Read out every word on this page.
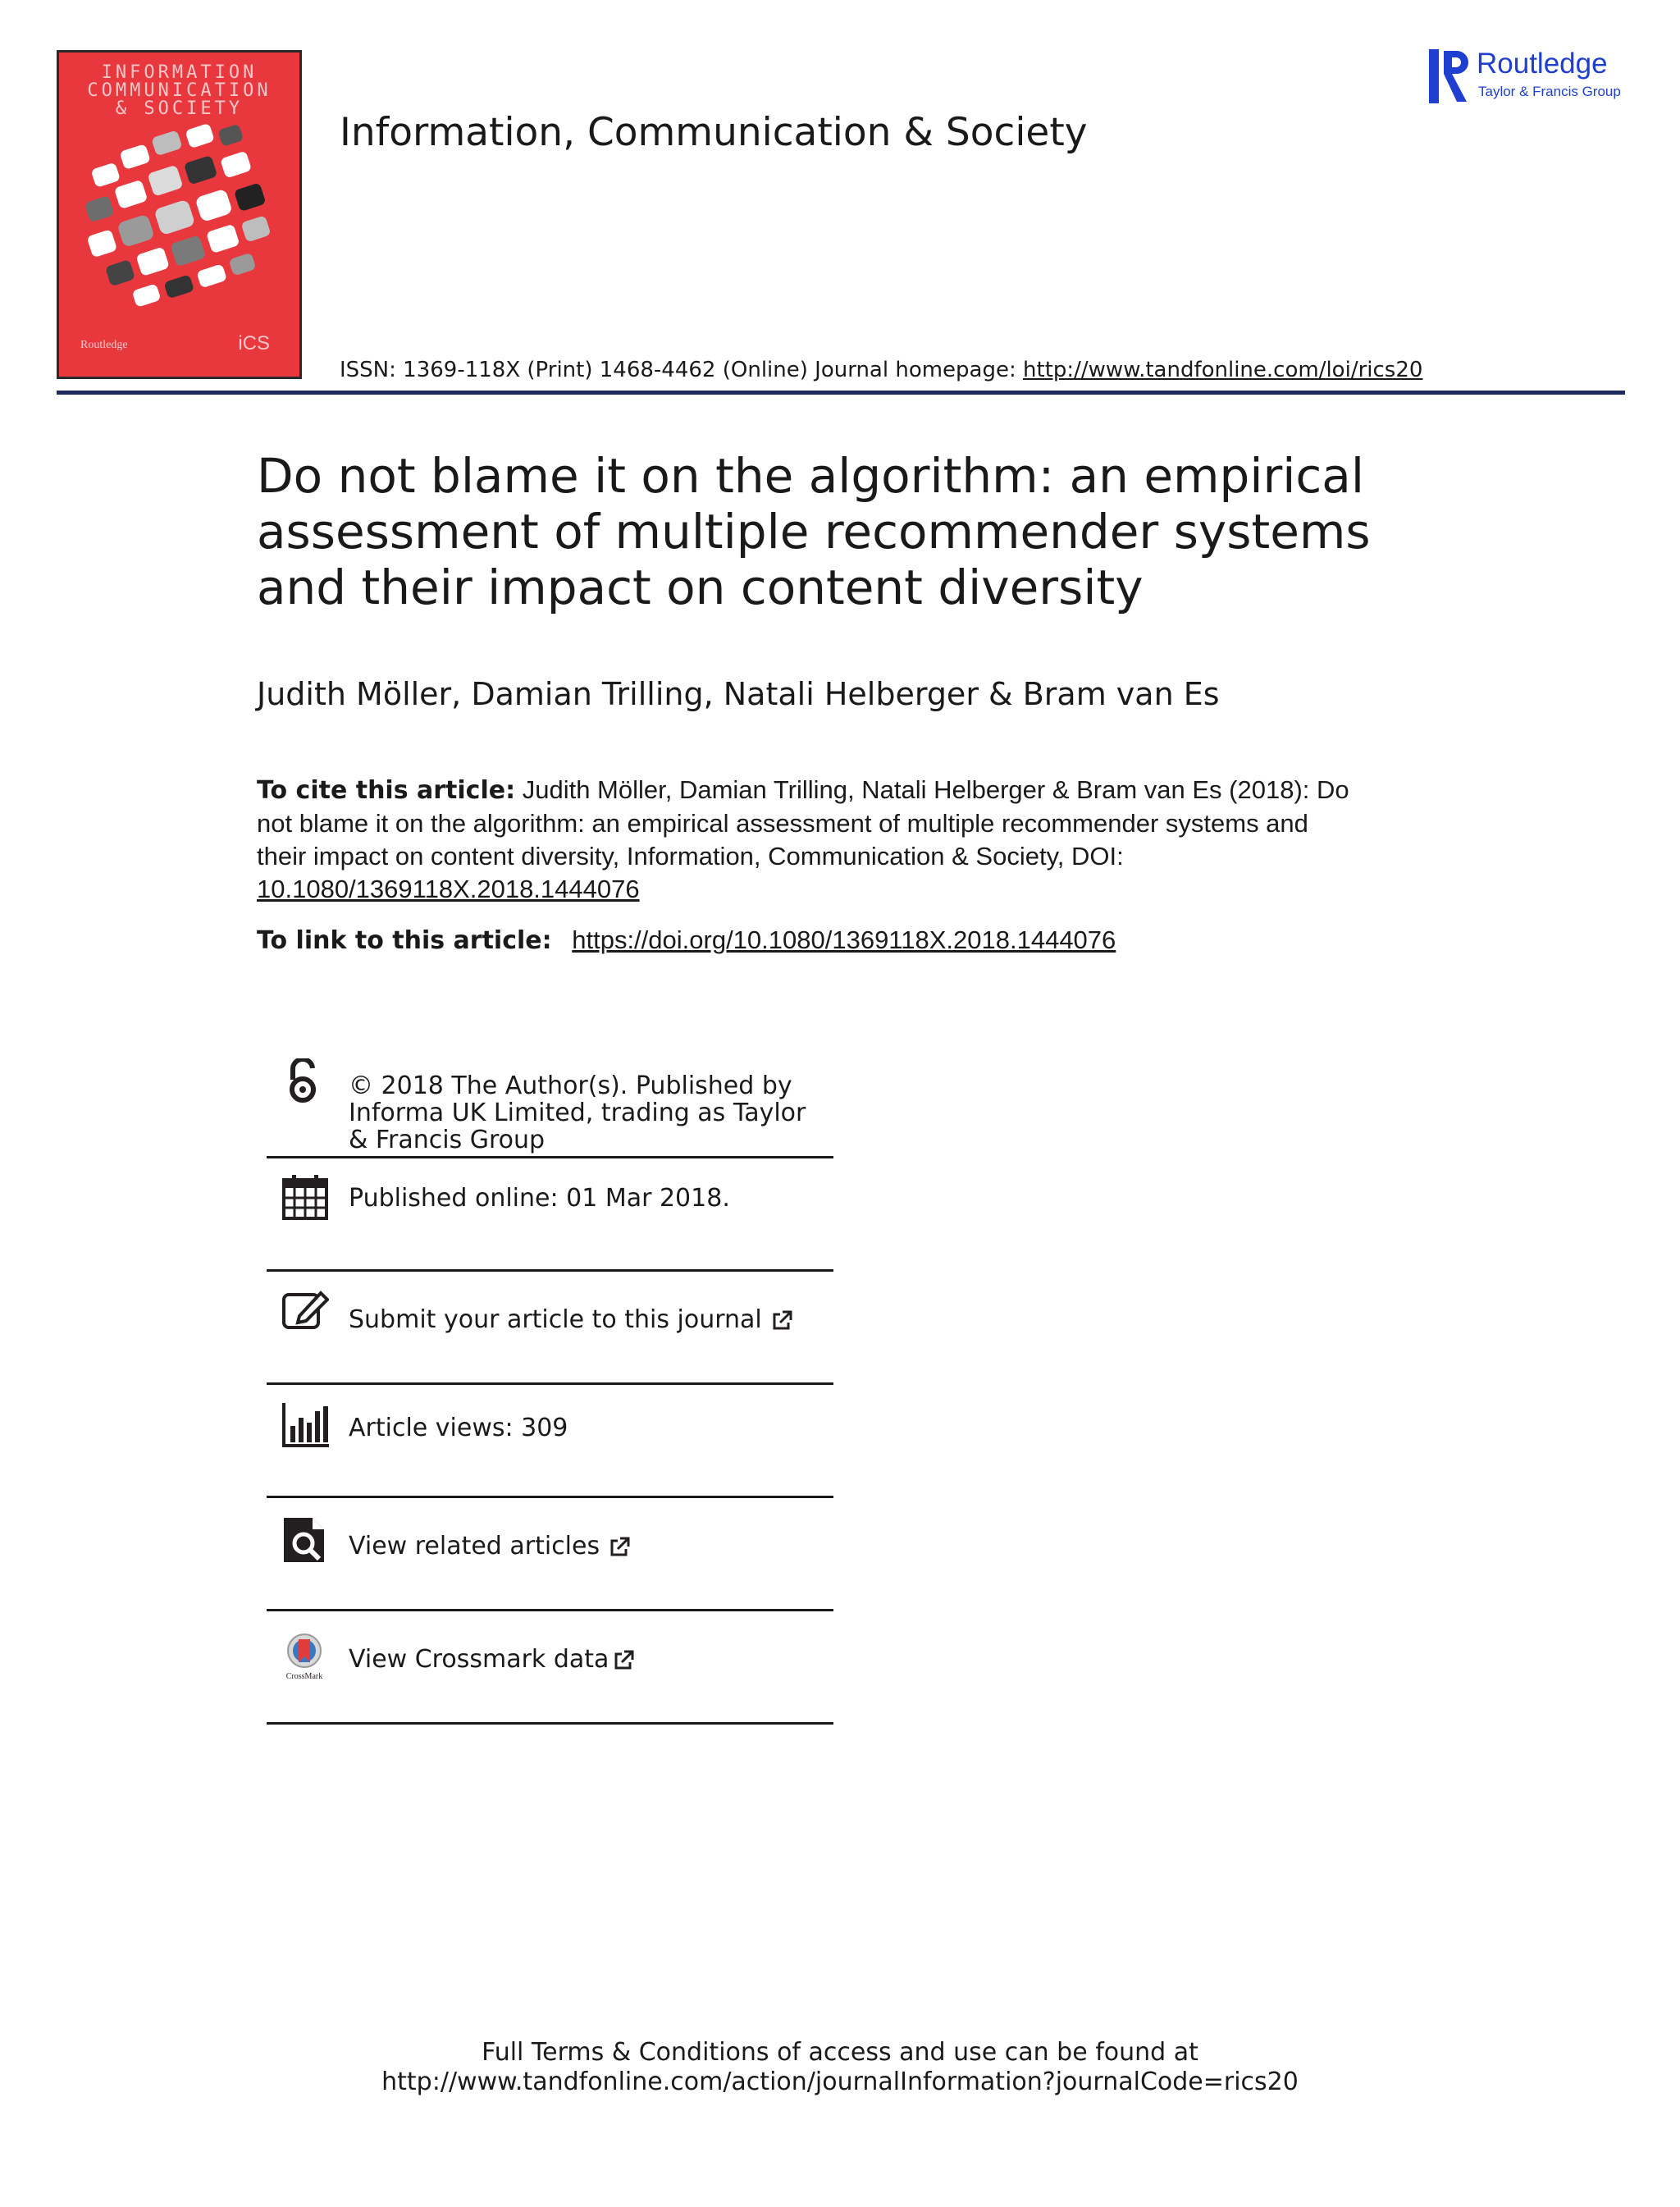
INFORMATION
COMMUNICATION
& SOCIETY
Routledge	iCS
Information, Communication & Society
ISSN: 1369-118X (Print) 1468-4462 (Online) Journal homepage: http://www.tandfonline.com/loi/rics20
Routledge
Taylor & Francis Group
Do not blame it on the algorithm: an empirical assessment of multiple recommender systems and their impact on content diversity
Judith Möller, Damian Trilling, Natali Helberger & Bram van Es
To cite this article: Judith Möller, Damian Trilling, Natali Helberger & Bram van Es (2018): Do not blame it on the algorithm: an empirical assessment of multiple recommender systems and their impact on content diversity, Information, Communication & Society, DOI:
10.1080/1369118X.2018.1444076
To link to this article: https://doi.org/10.1080/1369118X.2018.1444076
© 2018 The Author(s). Published by Informa UK Limited, trading as Taylor & Francis Group
Published online: 01 Mar 2018.
Submit your article to this journal
Article views: 309
View related articles
CrossMark
View Crossmark data
Full Terms & Conditions of access and use can be found at
http://www.tandfonline.com/action/journalInformation?journalCode=rics20
